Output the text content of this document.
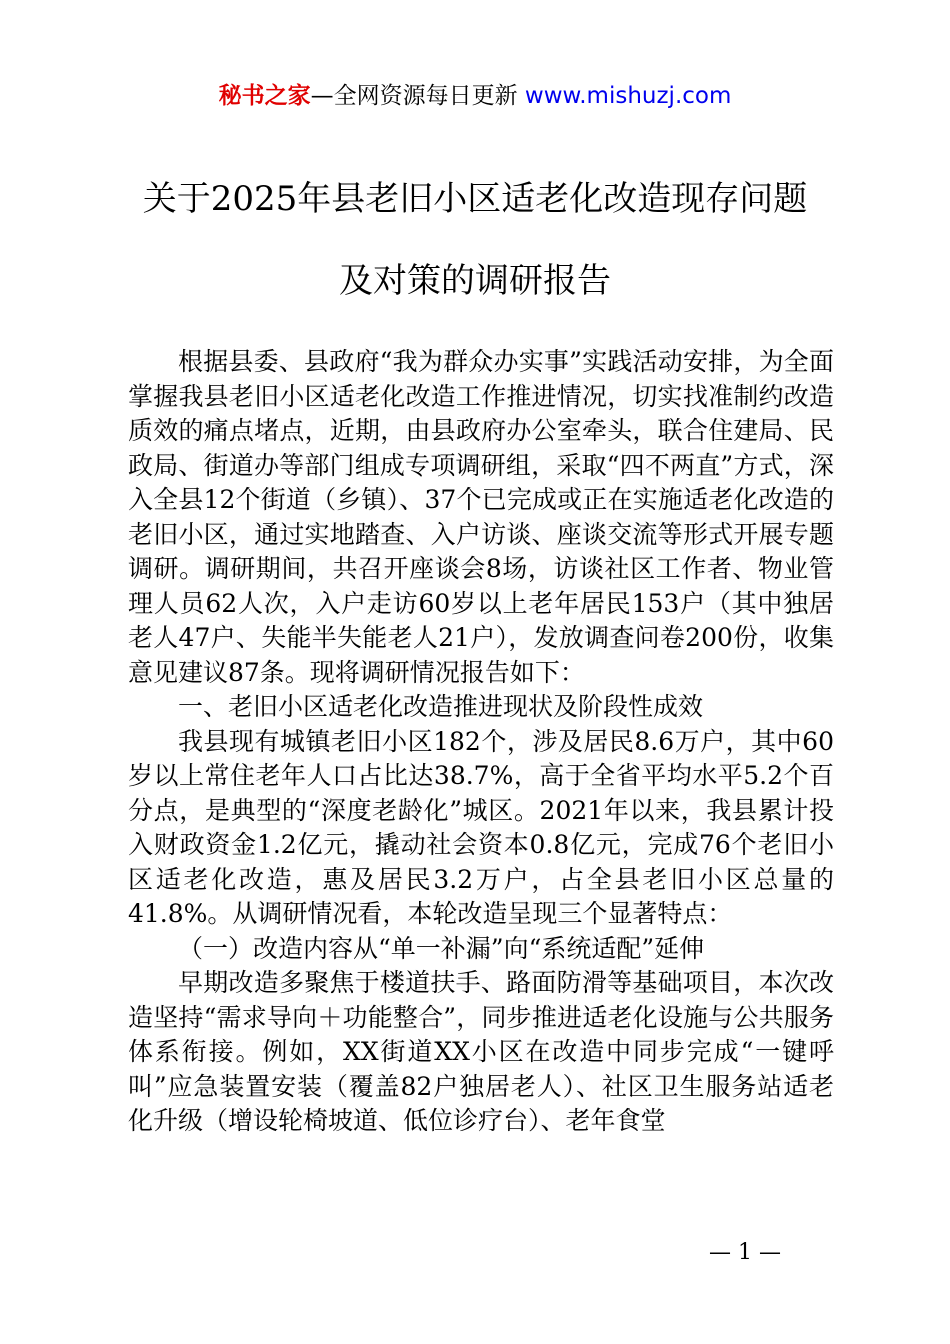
秘书之家—全网资源每日更新 www.mishuzj.com
关于2025年县老旧小区适老化改造现存问题
及对策的调研报告

根据县委、县政府“我为群众办实事”实践活动安排，为全面掌握我县老旧小区适老化改造工作推进情况，切实找准制约改造质效的痛点堵点，近期，由县政府办公室牵头，联合住建局、民政局、街道办等部门组成专项调研组，采取“四不两直”方式，深入全县12个街道（乡镇）、37个已完成或正在实施适老化改造的老旧小区，通过实地踏查、入户访谈、座谈交流等形式开展专题调研。调研期间，共召开座谈会8场，访谈社区工作者、物业管理人员62人次，入户走访60岁以上老年居民153户（其中独居老人47户、失能半失能老人21户），发放调查问卷200份，收集意见建议87条。现将调研情况报告如下：

一、老旧小区适老化改造推进现状及阶段性成效

我县现有城镇老旧小区182个，涉及居民8.6万户，其中60岁以上常住老年人口占比达38.7%，高于全省平均水平5.2个百分点，是典型的“深度老龄化”城区。2021年以来，我县累计投入财政资金1.2亿元，撬动社会资本0.8亿元，完成76个老旧小区适老化改造，惠及居民3.2万户，占全县老旧小区总量的41.8%。从调研情况看，本轮改造呈现三个显著特点：

（一）改造内容从“单一补漏”向“系统适配”延伸

早期改造多聚焦于楼道扶手、路面防滑等基础项目，本次改造坚持“需求导向＋功能整合”，同步推进适老化设施与公共服务体系衔接。例如，XX街道XX小区在改造中同步完成“一键呼叫”应急装置安装（覆盖82户独居老人）、社区卫生服务站适老化升级（增设轮椅坡道、低位诊疗台）、老年食堂

— 1 —
